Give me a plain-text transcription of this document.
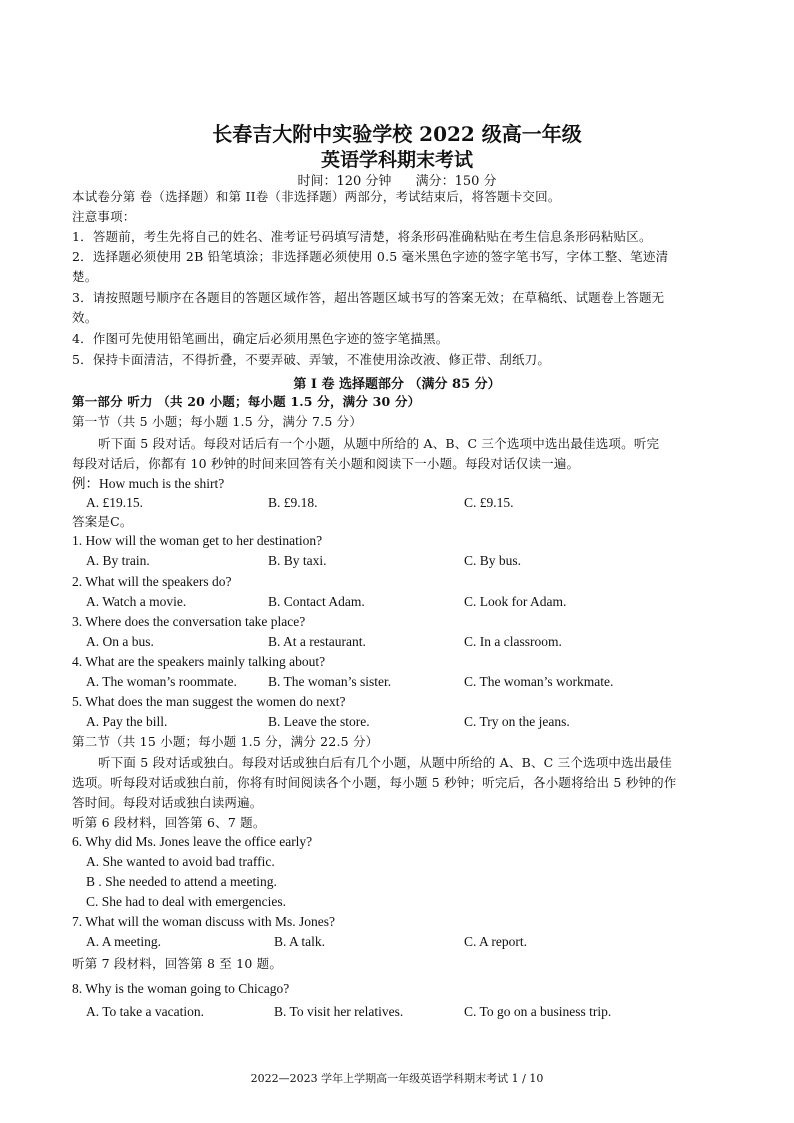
长春吉大附中实验学校 2022 级高一年级
英语学科期末考试
时间：120 分钟 满分：150 分
本试卷分第 卷（选择题）和第 II卷（非选择题）两部分，考试结束后，将答题卡交回。
注意事项：
1．答题前，考生先将自己的姓名、准考证号码填写清楚，将条形码准确粘贴在考生信息条形码粘贴区。
2．选择题必须使用 2B 铅笔填涂；非选择题必须使用 0.5 毫米黑色字迹的签字笔书写，字体工整、笔迹清
楚。
3．请按照题号顺序在各题目的答题区域作答，超出答题区域书写的答案无效；在草稿纸、试题卷上答题无
效。
4．作图可先使用铅笔画出，确定后必须用黑色字迹的签字笔描黑。
5．保持卡面清洁，不得折叠，不要弄破、弄皱，不准使用涂改液、修正带、刮纸刀。
第 I 卷 选择题部分 （满分 85 分）
第一部分 听力 （共 20 小题；每小题 1.5 分，满分 30 分）
第一节（共 5 小题；每小题 1.5 分，满分 7.5 分）
听下面 5 段对话。每段对话后有一个小题，从题中所给的 A、B、C 三个选项中选出最佳选项。听完
每段对话后，你都有 10 秒钟的时间来回答有关小题和阅读下一小题。每段对话仅读一遍。
例：How much is the shirt?
A. £19.15.	B. £9.18.	C. £9.15.
答案是C。
1. How will the woman get to her destination?
A. By train.	B. By taxi.	C. By bus.
2. What will the speakers do?
A. Watch a movie.	B. Contact Adam.	C. Look for Adam.
3. Where does the conversation take place?
A. On a bus.	B. At a restaurant.	C. In a classroom.
4. What are the speakers mainly talking about?
A. The woman’s roommate. B. The woman’s sister.	C. The woman’s workmate.
5. What does the man suggest the women do next?
A. Pay the bill.	B. Leave the store.	C. Try on the jeans.
第二节（共 15 小题；每小题 1.5 分，满分 22.5 分）
听下面 5 段对话或独白。每段对话或独白后有几个小题，从题中所给的 A、B、C 三个选项中选出最佳
选项。听每段对话或独白前，你将有时间阅读各个小题，每小题 5 秒钟；听完后，各小题将给出 5 秒钟的作
答时间。每段对话或独白读两遍。
听第 6 段材料，回答第 6、7 题。
6. Why did Ms. Jones leave the office early?
A. She wanted to avoid bad traffic.
B . She needed to attend a meeting.
C. She had to deal with emergencies.
7. What will the woman discuss with Ms. Jones?
A. A meeting.	B. A talk.	C. A report.
听第 7 段材料，回答第 8 至 10 题。
8. Why is the woman going to Chicago?
A. To take a vacation.	B. To visit her relatives.	C. To go on a business trip.
2022—2023 学年上学期高一年级英语学科期末考试 1 / 10
